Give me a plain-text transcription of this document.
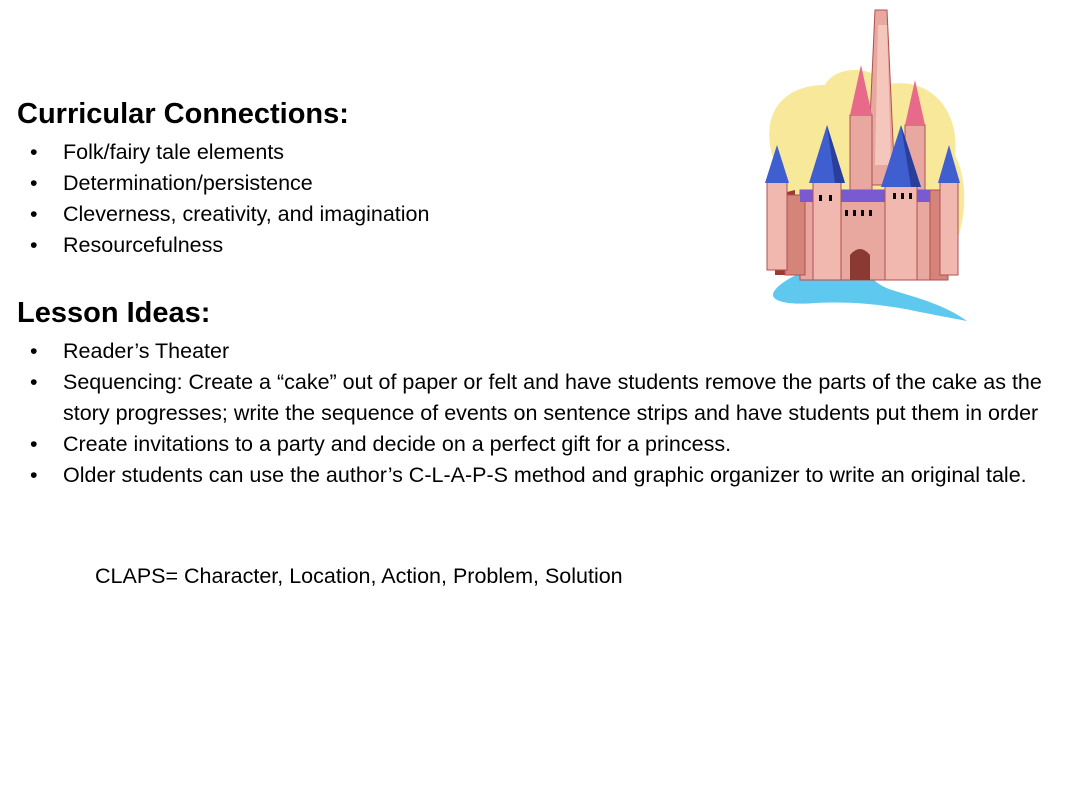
Curricular Connections:
• Folk/fairy tale elements
• Determination/persistence
• Cleverness, creativity, and imagination
• Resourcefulness
Lesson Ideas:
• Reader’s Theater
• Sequencing: Create a “cake” out of paper or felt and have students remove the parts of the cake as the story progresses; write the sequence of events on sentence strips and have students put them in order
• Create invitations to a party and decide on a perfect gift for a princess.
• Older students can use the author’s C-L-A-P-S method and graphic organizer to write an original tale.
CLAPS= Character, Location, Action, Problem, Solution
